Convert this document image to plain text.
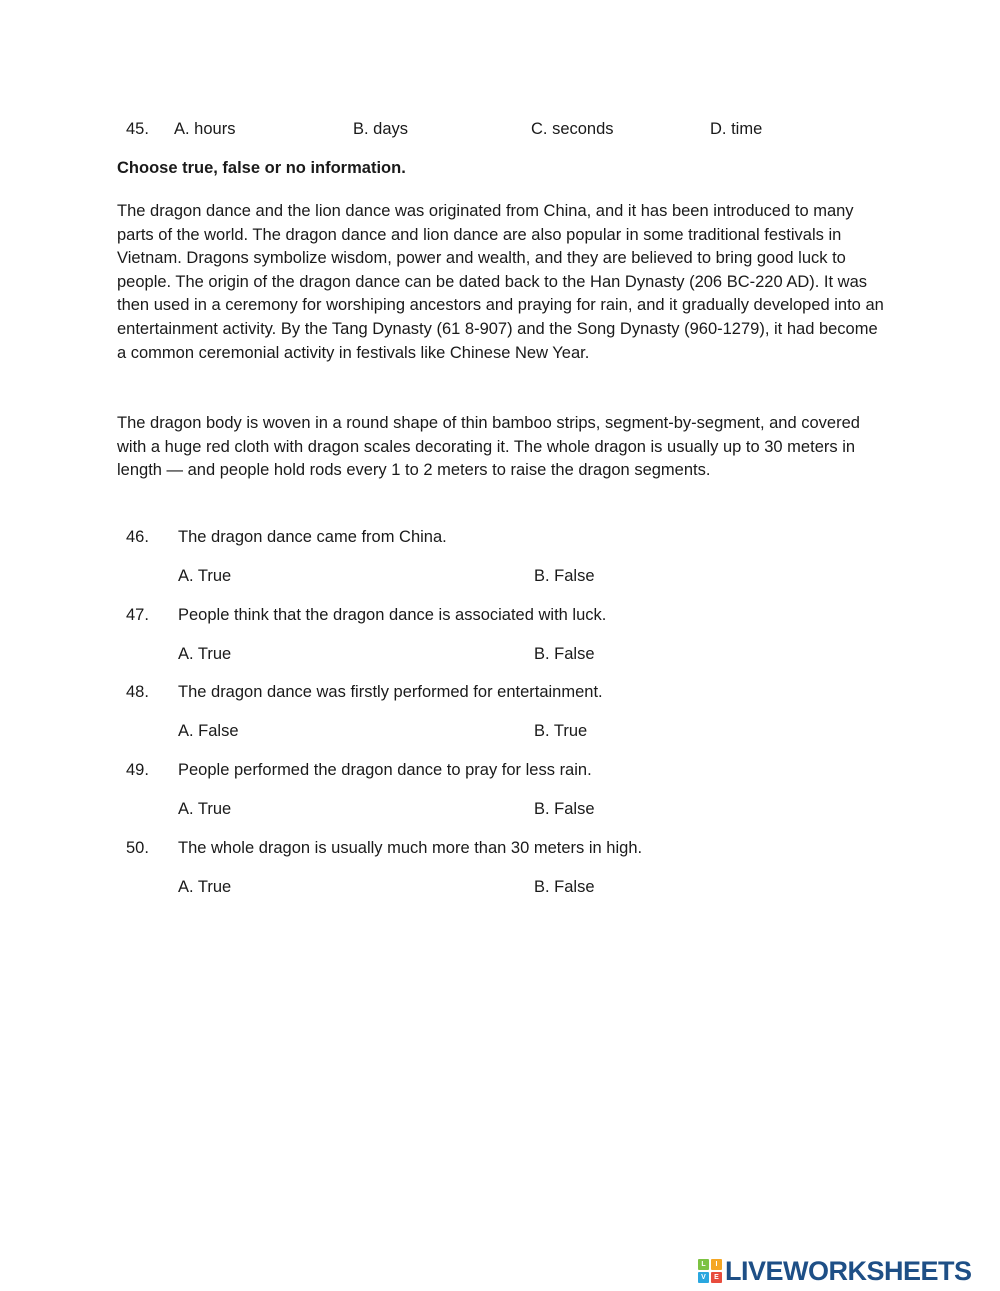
45. A. hours	B. days	C. seconds	D. time
Choose true, false or no information.

The dragon dance and the lion dance was originated from China, and it has been introduced to many parts of the world. The dragon dance and lion dance are also popular in some traditional festivals in Vietnam. Dragons symbolize wisdom, power and wealth, and they are believed to bring good luck to people. The origin of the dragon dance can be dated back to the Han Dynasty (206 BC-220 AD). It was then used in a ceremony for worshiping ancestors and praying for rain, and it gradually developed into an entertainment activity. By the Tang Dynasty (61 8-907) and the Song Dynasty (960-1279), it had become a common ceremonial activity in festivals like Chinese New Year.

The dragon body is woven in a round shape of thin bamboo strips, segment-by-segment, and covered with a huge red cloth with dragon scales decorating it. The whole dragon is usually up to 30 meters in length — and people hold rods every 1 to 2 meters to raise the dragon segments.

46. The dragon dance came from China.
A. True	B. False
47. People think that the dragon dance is associated with luck.
A. True	B. False
48. The dragon dance was firstly performed for entertainment.
A. False	B. True
49. People performed the dragon dance to pray for less rain.
A. True	B. False
50. The whole dragon is usually much more than 30 meters in high.
A. True	B. False
L	I
V	E LIVEWORKSHEETS
